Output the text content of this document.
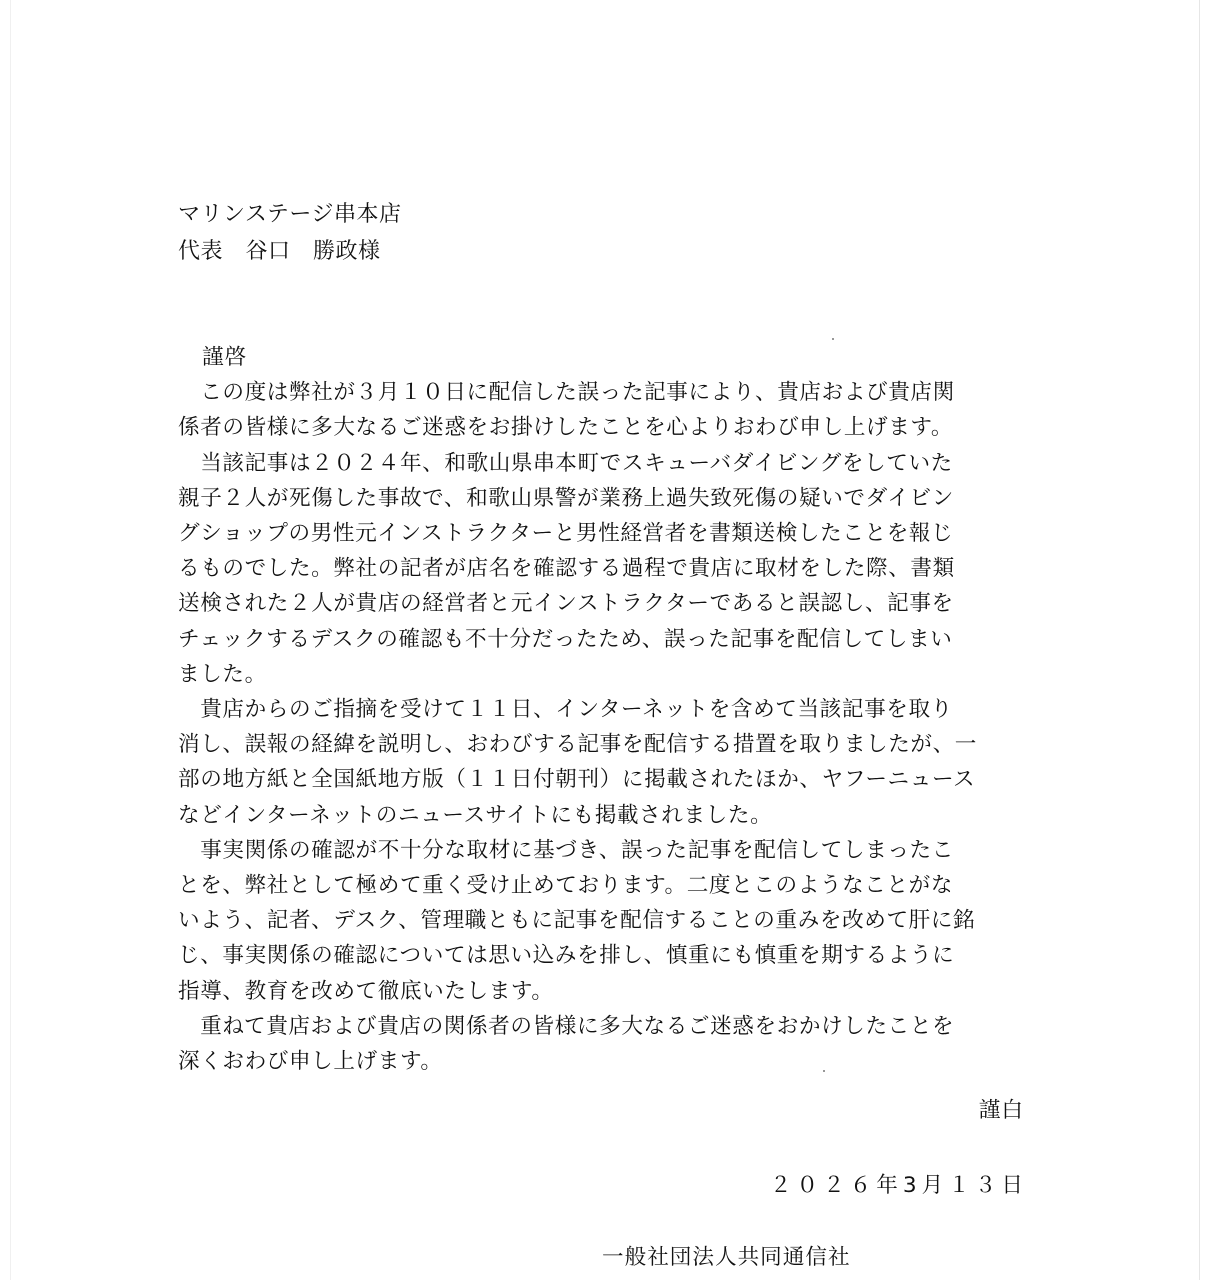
マリンステージ串本店
代表　谷口　勝政様
謹啓
　この度は弊社が３月１０日に配信した誤った記事により、貴店および貴店関
係者の皆様に多大なるご迷惑をお掛けしたことを心よりおわび申し上げます。
　当該記事は２０２４年、和歌山県串本町でスキューバダイビングをしていた
親子２人が死傷した事故で、和歌山県警が業務上過失致死傷の疑いでダイビン
グショップの男性元インストラクターと男性経営者を書類送検したことを報じ
るものでした。弊社の記者が店名を確認する過程で貴店に取材をした際、書類
送検された２人が貴店の経営者と元インストラクターであると誤認し、記事を
チェックするデスクの確認も不十分だったため、誤った記事を配信してしまい
ました。
　貴店からのご指摘を受けて１１日、インターネットを含めて当該記事を取り
消し、誤報の経緯を説明し、おわびする記事を配信する措置を取りましたが、一
部の地方紙と全国紙地方版（１１日付朝刊）に掲載されたほか、ヤフーニュース
などインターネットのニュースサイトにも掲載されました。
　事実関係の確認が不十分な取材に基づき、誤った記事を配信してしまったこ
とを、弊社として極めて重く受け止めております。二度とこのようなことがな
いよう、記者、デスク、管理職ともに記事を配信することの重みを改めて肝に銘
じ、事実関係の確認については思い込みを排し、慎重にも慎重を期するように
指導、教育を改めて徹底いたします。
　重ねて貴店および貴店の関係者の皆様に多大なるご迷惑をおかけしたことを
深くおわび申し上げます。
謹白
２０２６年3月１３日
一般社団法人共同通信社
